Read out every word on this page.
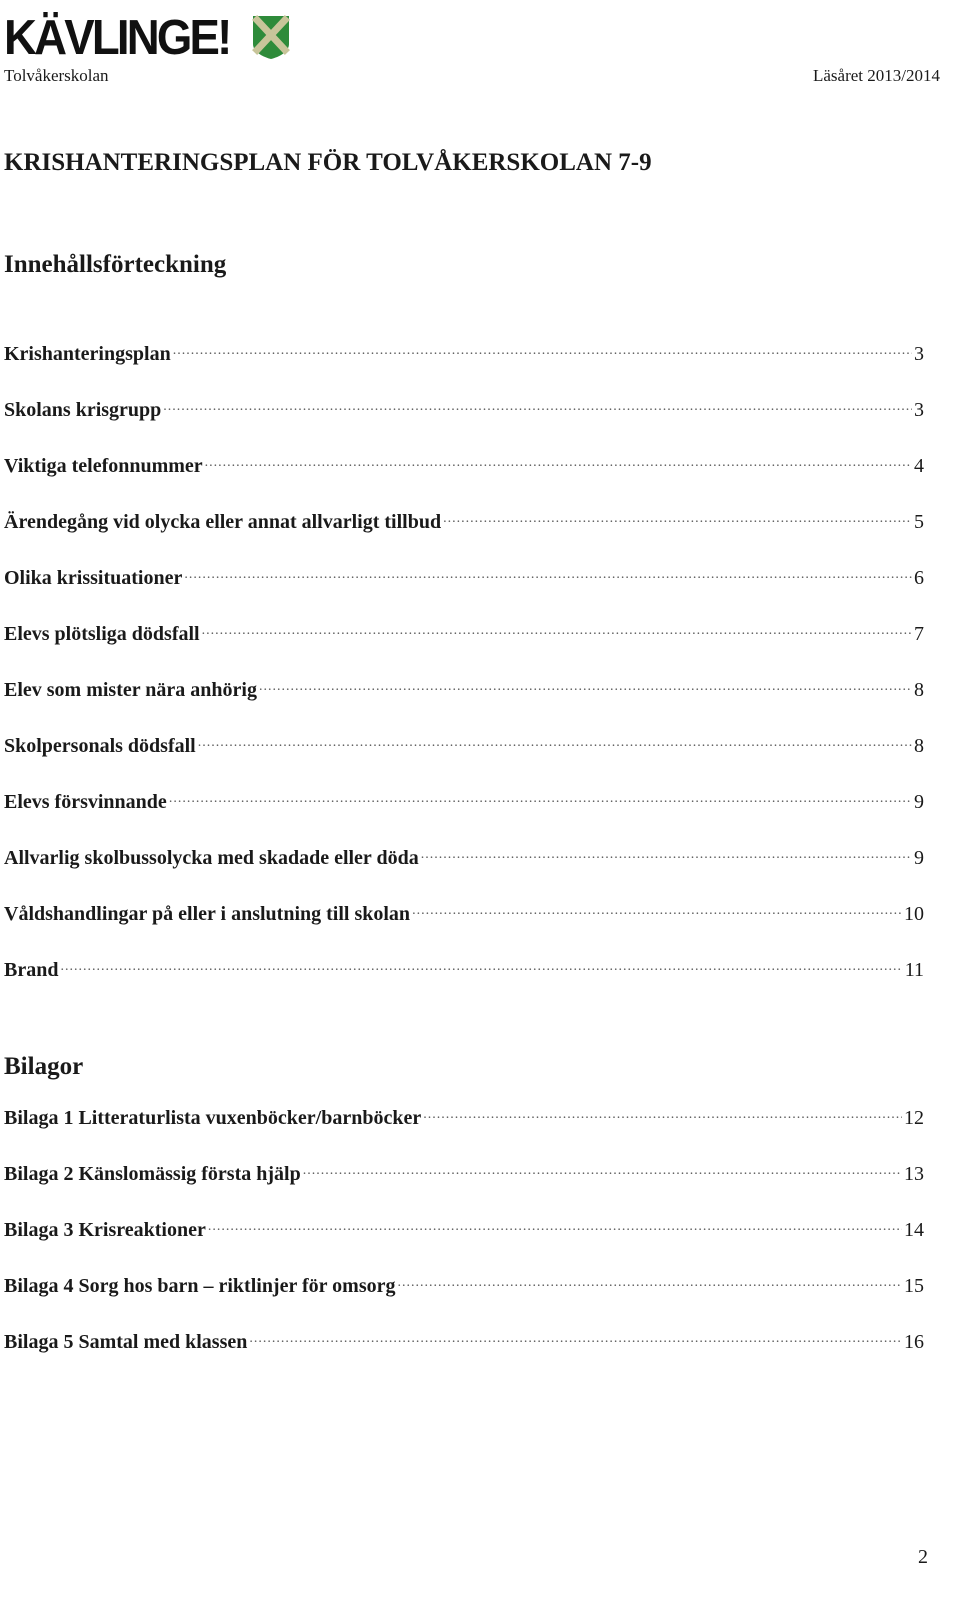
KÄVLINGE!
Tolvåkerskolan	Läsåret 2013/2014
KRISHANTERINGSPLAN FÖR TOLVÅKERSKOLAN 7-9
Innehållsförteckning
Krishanteringsplan .....	3
Skolans krisgrupp .....	3
Viktiga telefonnummer .....	4
Ärendegång vid olycka eller annat allvarligt tillbud .....	5
Olika krissituationer .....	6
Elevs plötsliga dödsfall .....	7
Elev som mister nära anhörig .....	8
Skolpersonals dödsfall .....	8
Elevs försvinnande .....	9
Allvarlig skolbussolycka med skadade eller döda .....	9
Våldshandlingar på eller i anslutning till skolan .....	10
Brand .....	11
Bilagor
Bilaga 1 Litteraturlista vuxenböcker/barnböcker .....	12
Bilaga 2 Känslomässig första hjälp .....	13
Bilaga 3 Krisreaktioner .....	14
Bilaga 4 Sorg hos barn – riktlinjer för omsorg .....	15
Bilaga 5 Samtal med klassen .....	16
2
